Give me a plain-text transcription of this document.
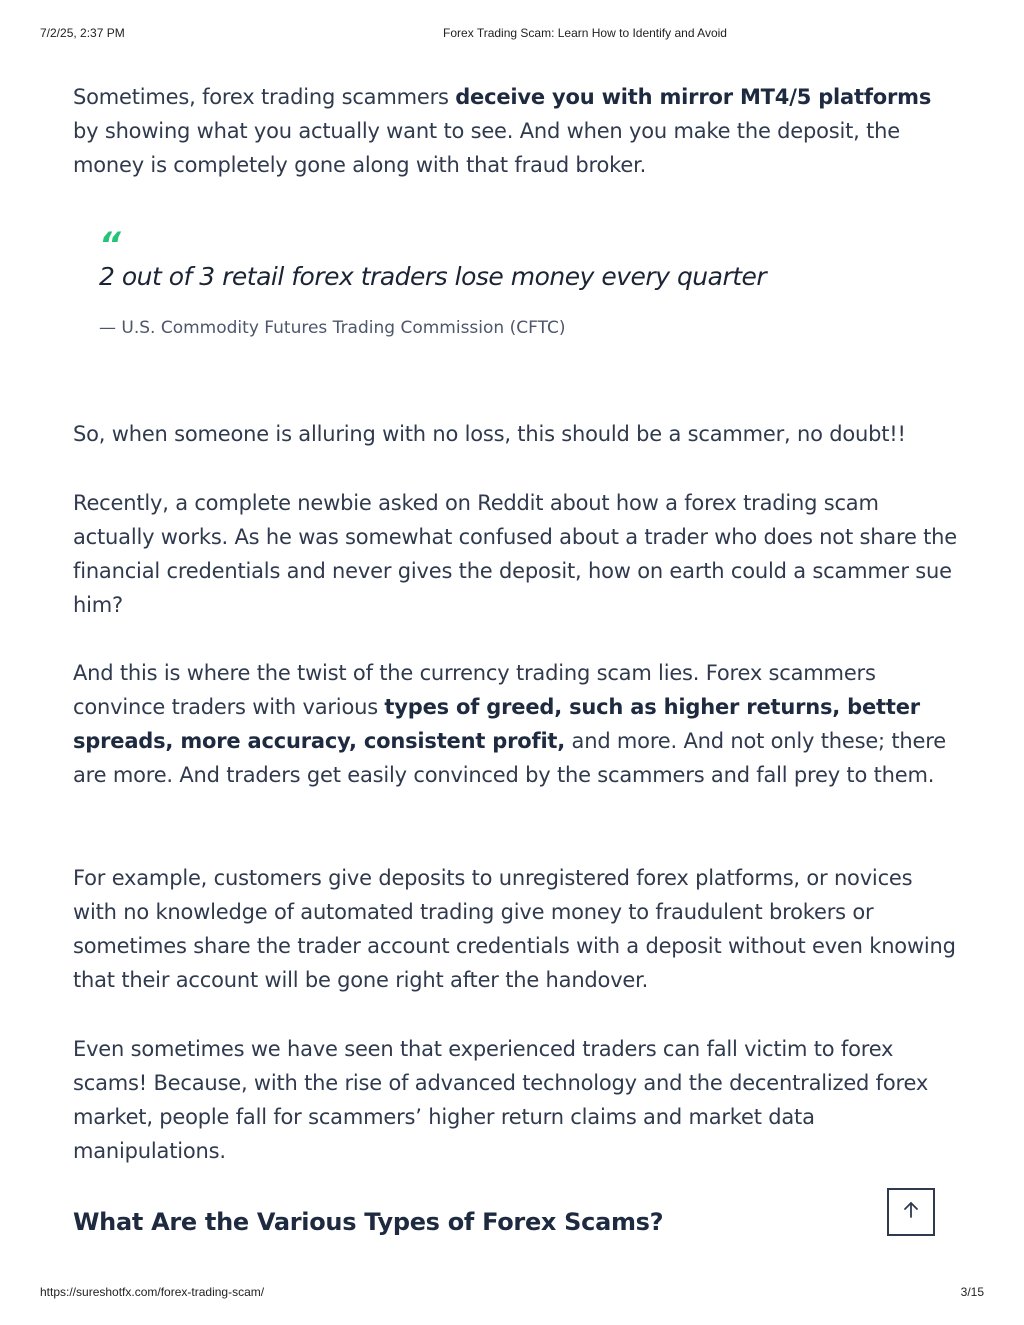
7/2/25, 2:37 PM	Forex Trading Scam: Learn How to Identify and Avoid

Sometimes, forex trading scammers deceive you with mirror MT4/5 platforms by showing what you actually want to see. And when you make the deposit, the money is completely gone along with that fraud broker.

So, when someone is alluring with no loss, this should be a scammer, no doubt!!

Recently, a complete newbie asked on Reddit about how a forex trading scam actually works. As he was somewhat confused about a trader who does not share the financial credentials and never gives the deposit, how on earth could a scammer sue him?

And this is where the twist of the currency trading scam lies. Forex scammers convince traders with various types of greed, such as higher returns, better spreads, more accuracy, consistent profit, and more. And not only these; there are more. And traders get easily convinced by the scammers and fall prey to them.

For example, customers give deposits to unregistered forex platforms, or novices with no knowledge of automated trading give money to fraudulent brokers or sometimes share the trader account credentials with a deposit without even knowing that their account will be gone right after the handover.

Even sometimes we have seen that experienced traders can fall victim to forex scams! Because, with the rise of advanced technology and the decentralized forex market, people fall for scammers’ higher return claims and market data manipulations.

“
2 out of 3 retail forex traders lose money every quarter
— U.S. Commodity Futures Trading Commission (CFTC)
What Are the Various Types of Forex Scams?
https://sureshotfx.com/forex-trading-scam/	3/15
